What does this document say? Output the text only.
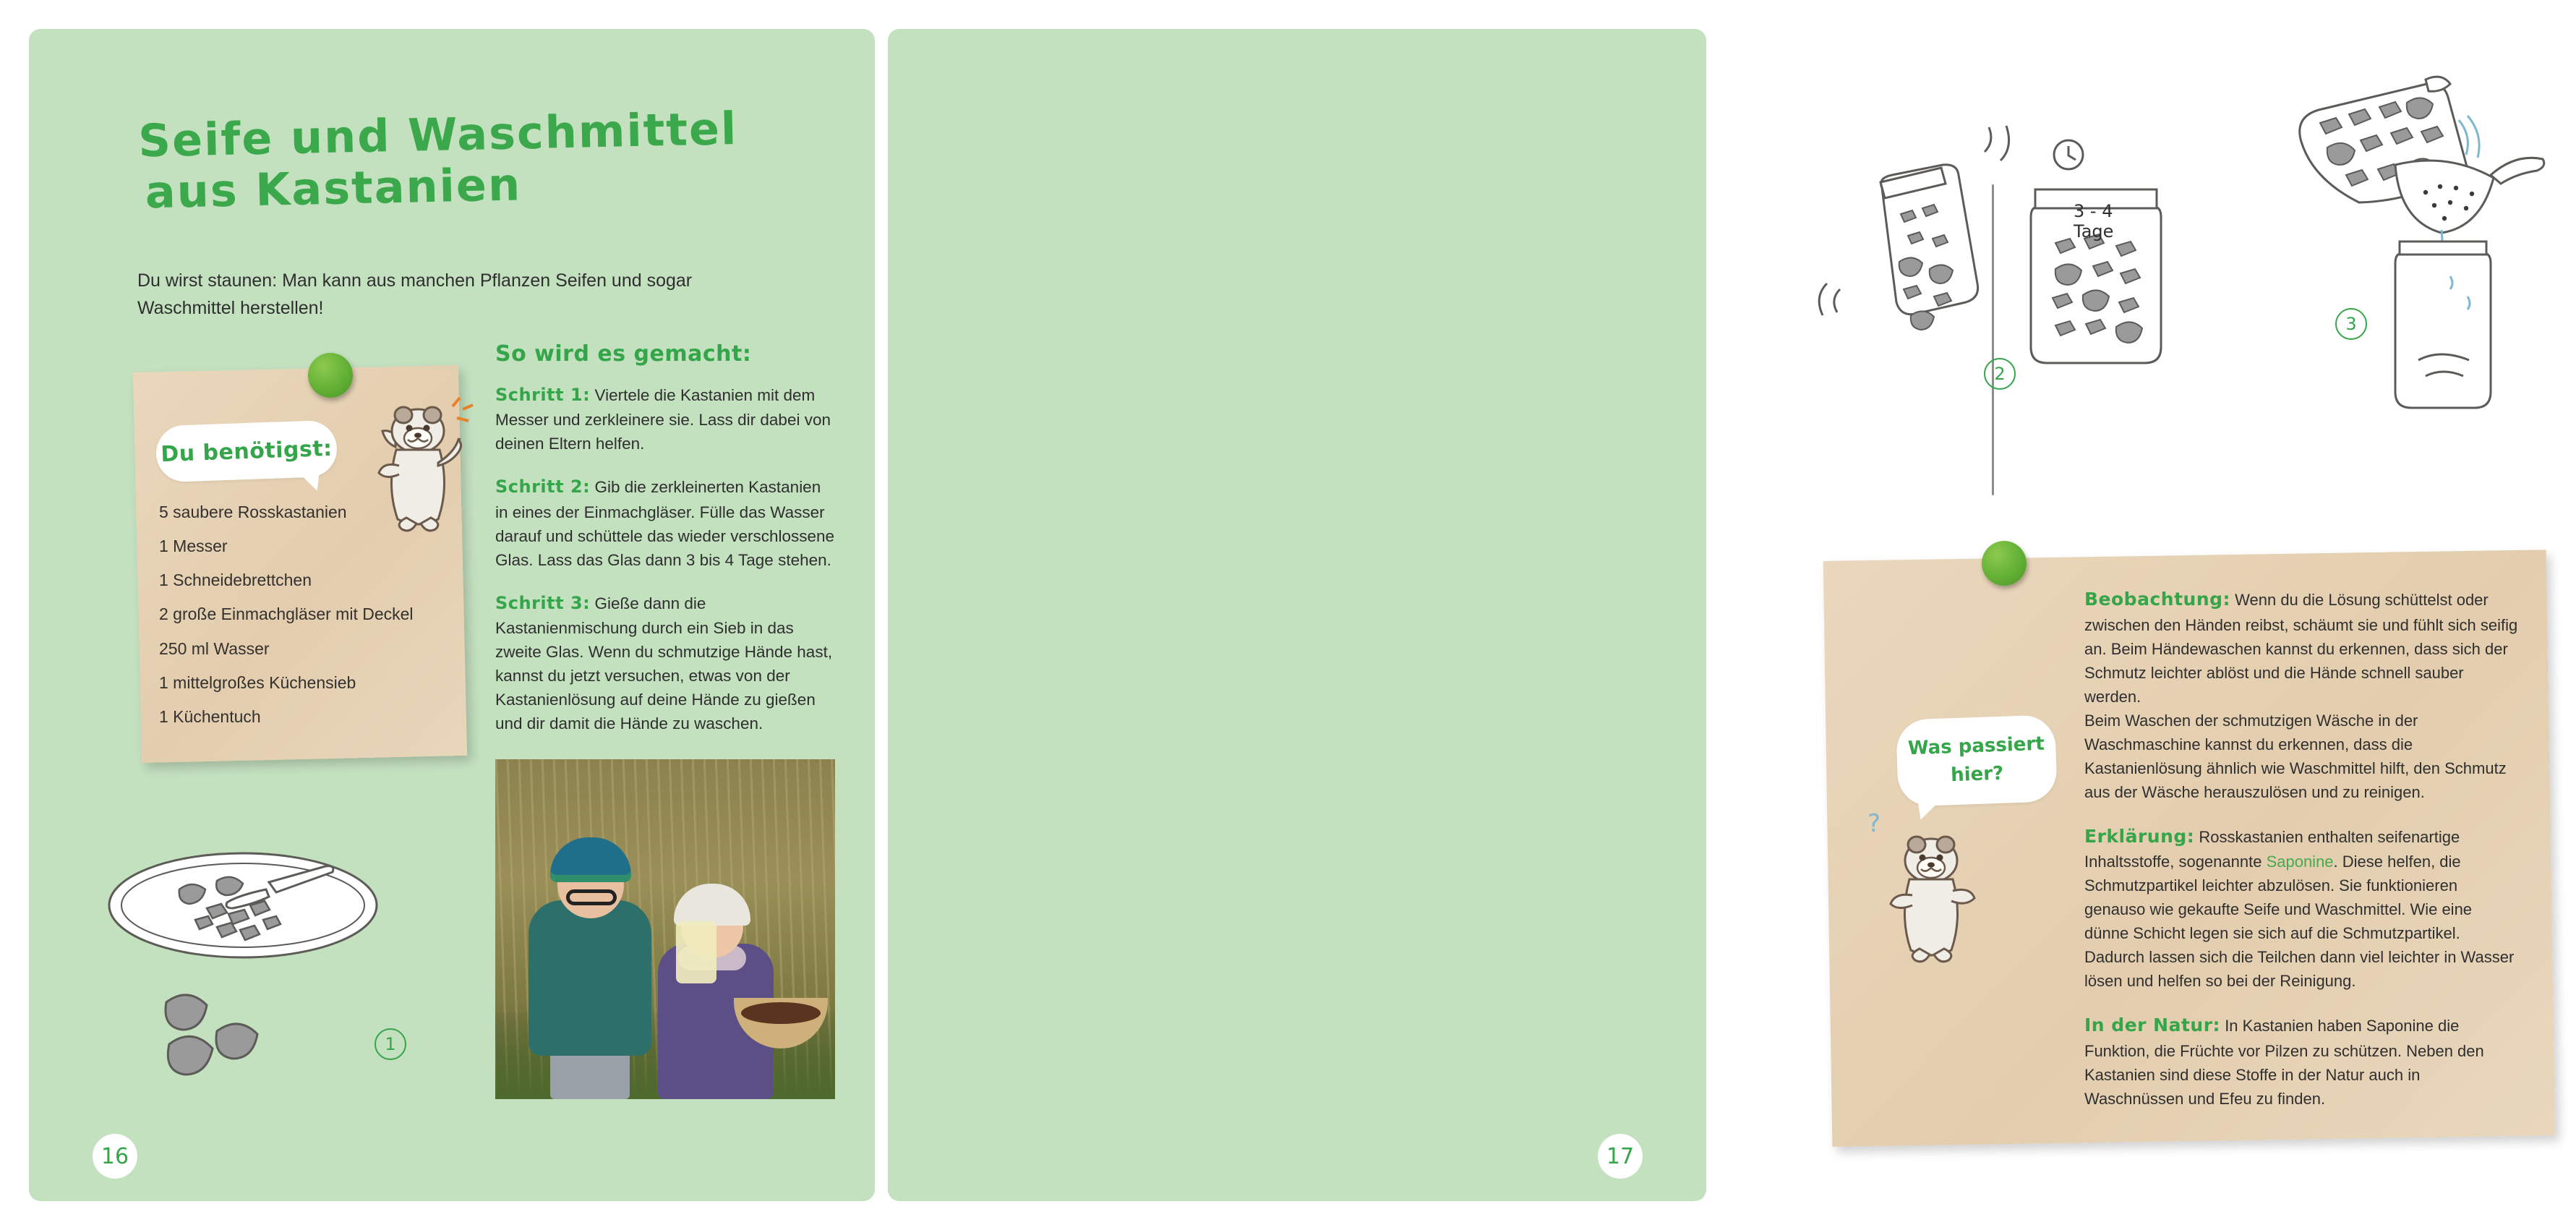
Seife und Waschmittel
aus Kastanien
Du wirst staunen: Man kann aus manchen Pflanzen Seifen und sogar Waschmittel herstellen!
Du benötigst:
5 saubere Rosskastanien
1 Messer
1 Schneidebrettchen
2 große Einmachgläser mit Deckel
250 ml Wasser
1 mittelgroßes Küchensieb
1 Küchentuch
So wird es gemacht:
Schritt 1: Viertele die Kastanien mit dem Messer und zerkleinere sie. Lass dir dabei von deinen Eltern helfen.
Schritt 2: Gib die zerkleinerten Kastanien in eines der Einmachgläser. Fülle das Wasser darauf und schüttele das wieder verschlossene Glas. Lass das Glas dann 3 bis 4 Tage stehen.
Schritt 3: Gieße dann die Kastanienmischung durch ein Sieb in das zweite Glas. Wenn du schmutzige Hände hast, kannst du jetzt versuchen, etwas von der Kastanienlösung auf deine Hände zu gießen und dir damit die Hände zu waschen.
1
16
3 - 4 Tage
2
3
Was passiert
hier?
?

Beobachtung: Wenn du die Lösung schüttelst oder zwischen den Händen reibst, schäumt sie und fühlt sich seifig an. Beim Händewaschen kannst du erkennen, dass sich der Schmutz leichter ablöst und die Hände schnell sauber werden.
Beim Waschen der schmutzigen Wäsche in der Waschmaschine kannst du erkennen, dass die Kastanienlösung ähnlich wie Waschmittel hilft, den Schmutz aus der Wäsche herauszulösen und zu reinigen.

Erklärung: Rosskastanien enthalten seifenartige Inhaltsstoffe, sogenannte Saponine. Diese helfen, die Schmutzpartikel leichter abzulösen. Sie funktionieren genauso wie gekaufte Seife und Waschmittel. Wie eine dünne Schicht legen sie sich auf die Schmutzpartikel. Dadurch lassen sich die Teilchen dann viel leichter in Wasser lösen und helfen so bei der Reinigung.

In der Natur: In Kastanien haben Saponine die Funktion, die Früchte vor Pilzen zu schützen. Neben den Kastanien sind diese Stoffe in der Natur auch in Waschnüssen und Efeu zu finden.

17
